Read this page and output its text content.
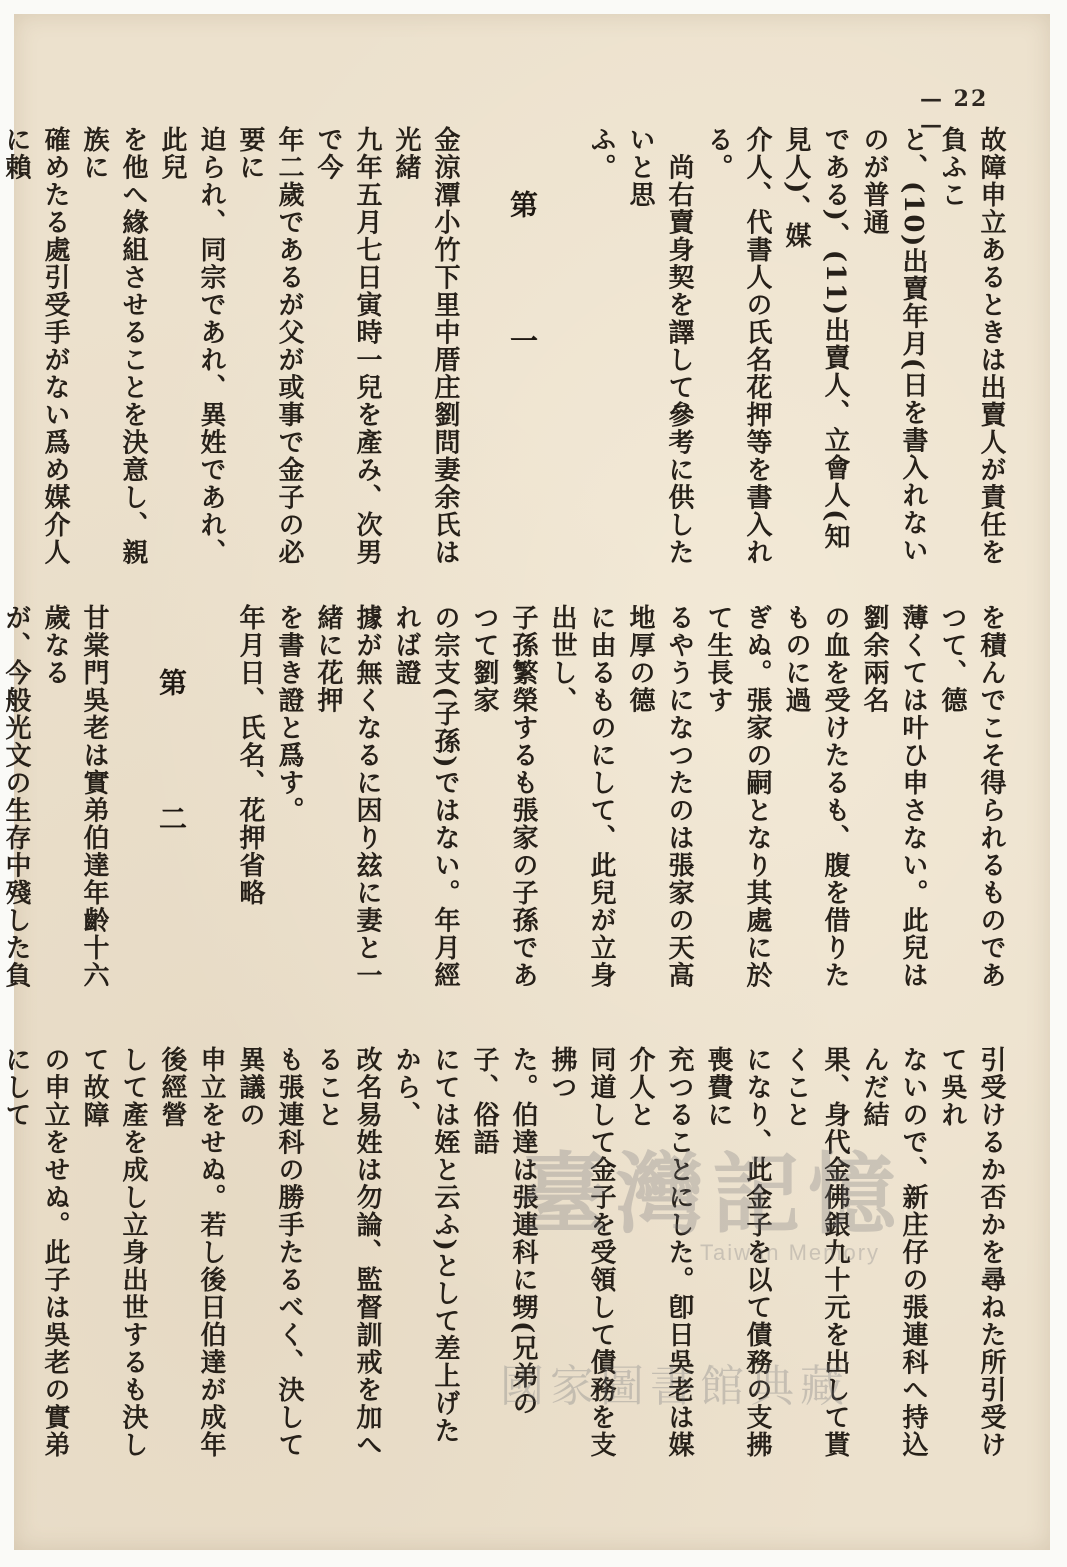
— 22 —
故障申立あるときは出賣人が責任を負ふこ
と、(10)出賣年月(日を書入れないのが普通
である)、(11)出賣人、立會人(知見人)、媒
介人、代書人の氏名花押等を書入れる。
　尚右賣身契を譯して參考に供したいと思
ふ。
第　一
金涼潭小竹下里中厝庄劉問妻余氏は光緒
九年五月七日寅時一兒を產み、次男で今
年二歲であるが父が或事で金子の必要に
迫られ、同宗であれ、異姓であれ、此兒
を他へ緣組させることを決意し、親族に
確めたる處引受手がない爲め媒介人に賴
を積んでこそ得られるものであつて、德
薄くては叶ひ申さない。此兒は劉余兩名
の血を受けたるも、腹を借りたものに過
ぎぬ。張家の嗣となり其處に於て生長す
るやうになつたのは張家の天高地厚の德
に由るものにして、此兒が立身出世し、
子孫繁榮するも張家の子孫であつて劉家
の宗支(子孫)ではない。年月經れば證
據が無くなるに因り玆に妻と一緒に花押
を書き證と爲す。
年月日、氏名、花押省略
第　二
甘棠門吳老は實弟伯達年齡十六歲なる
が、今般光文の生存中殘した負
引受けるか否かを尋ねた所引受けて吳れ
ないので、新庄仔の張連科へ持込んだ結
果、身代金佛銀九十元を出して貰くこと
になり、此金子を以て債務の支拂喪費に
充つることにした。卽日吳老は媒介人と
同道して金子を受領して債務を支拂つ
た。伯達は張連科に甥(兄弟の子、俗語
にては姪と云ふ)として差上げたから、
改名易姓は勿論、監督訓戒を加へること
も張連科の勝手たるべく、決して異議の
申立をせぬ。若し後日伯達が成年後經營
して產を成し立身出世するも決して故障
の申立をせぬ。此子は吳老の實弟にして
臺灣記憶
Taiwan Memory
國家圖書館典藏
